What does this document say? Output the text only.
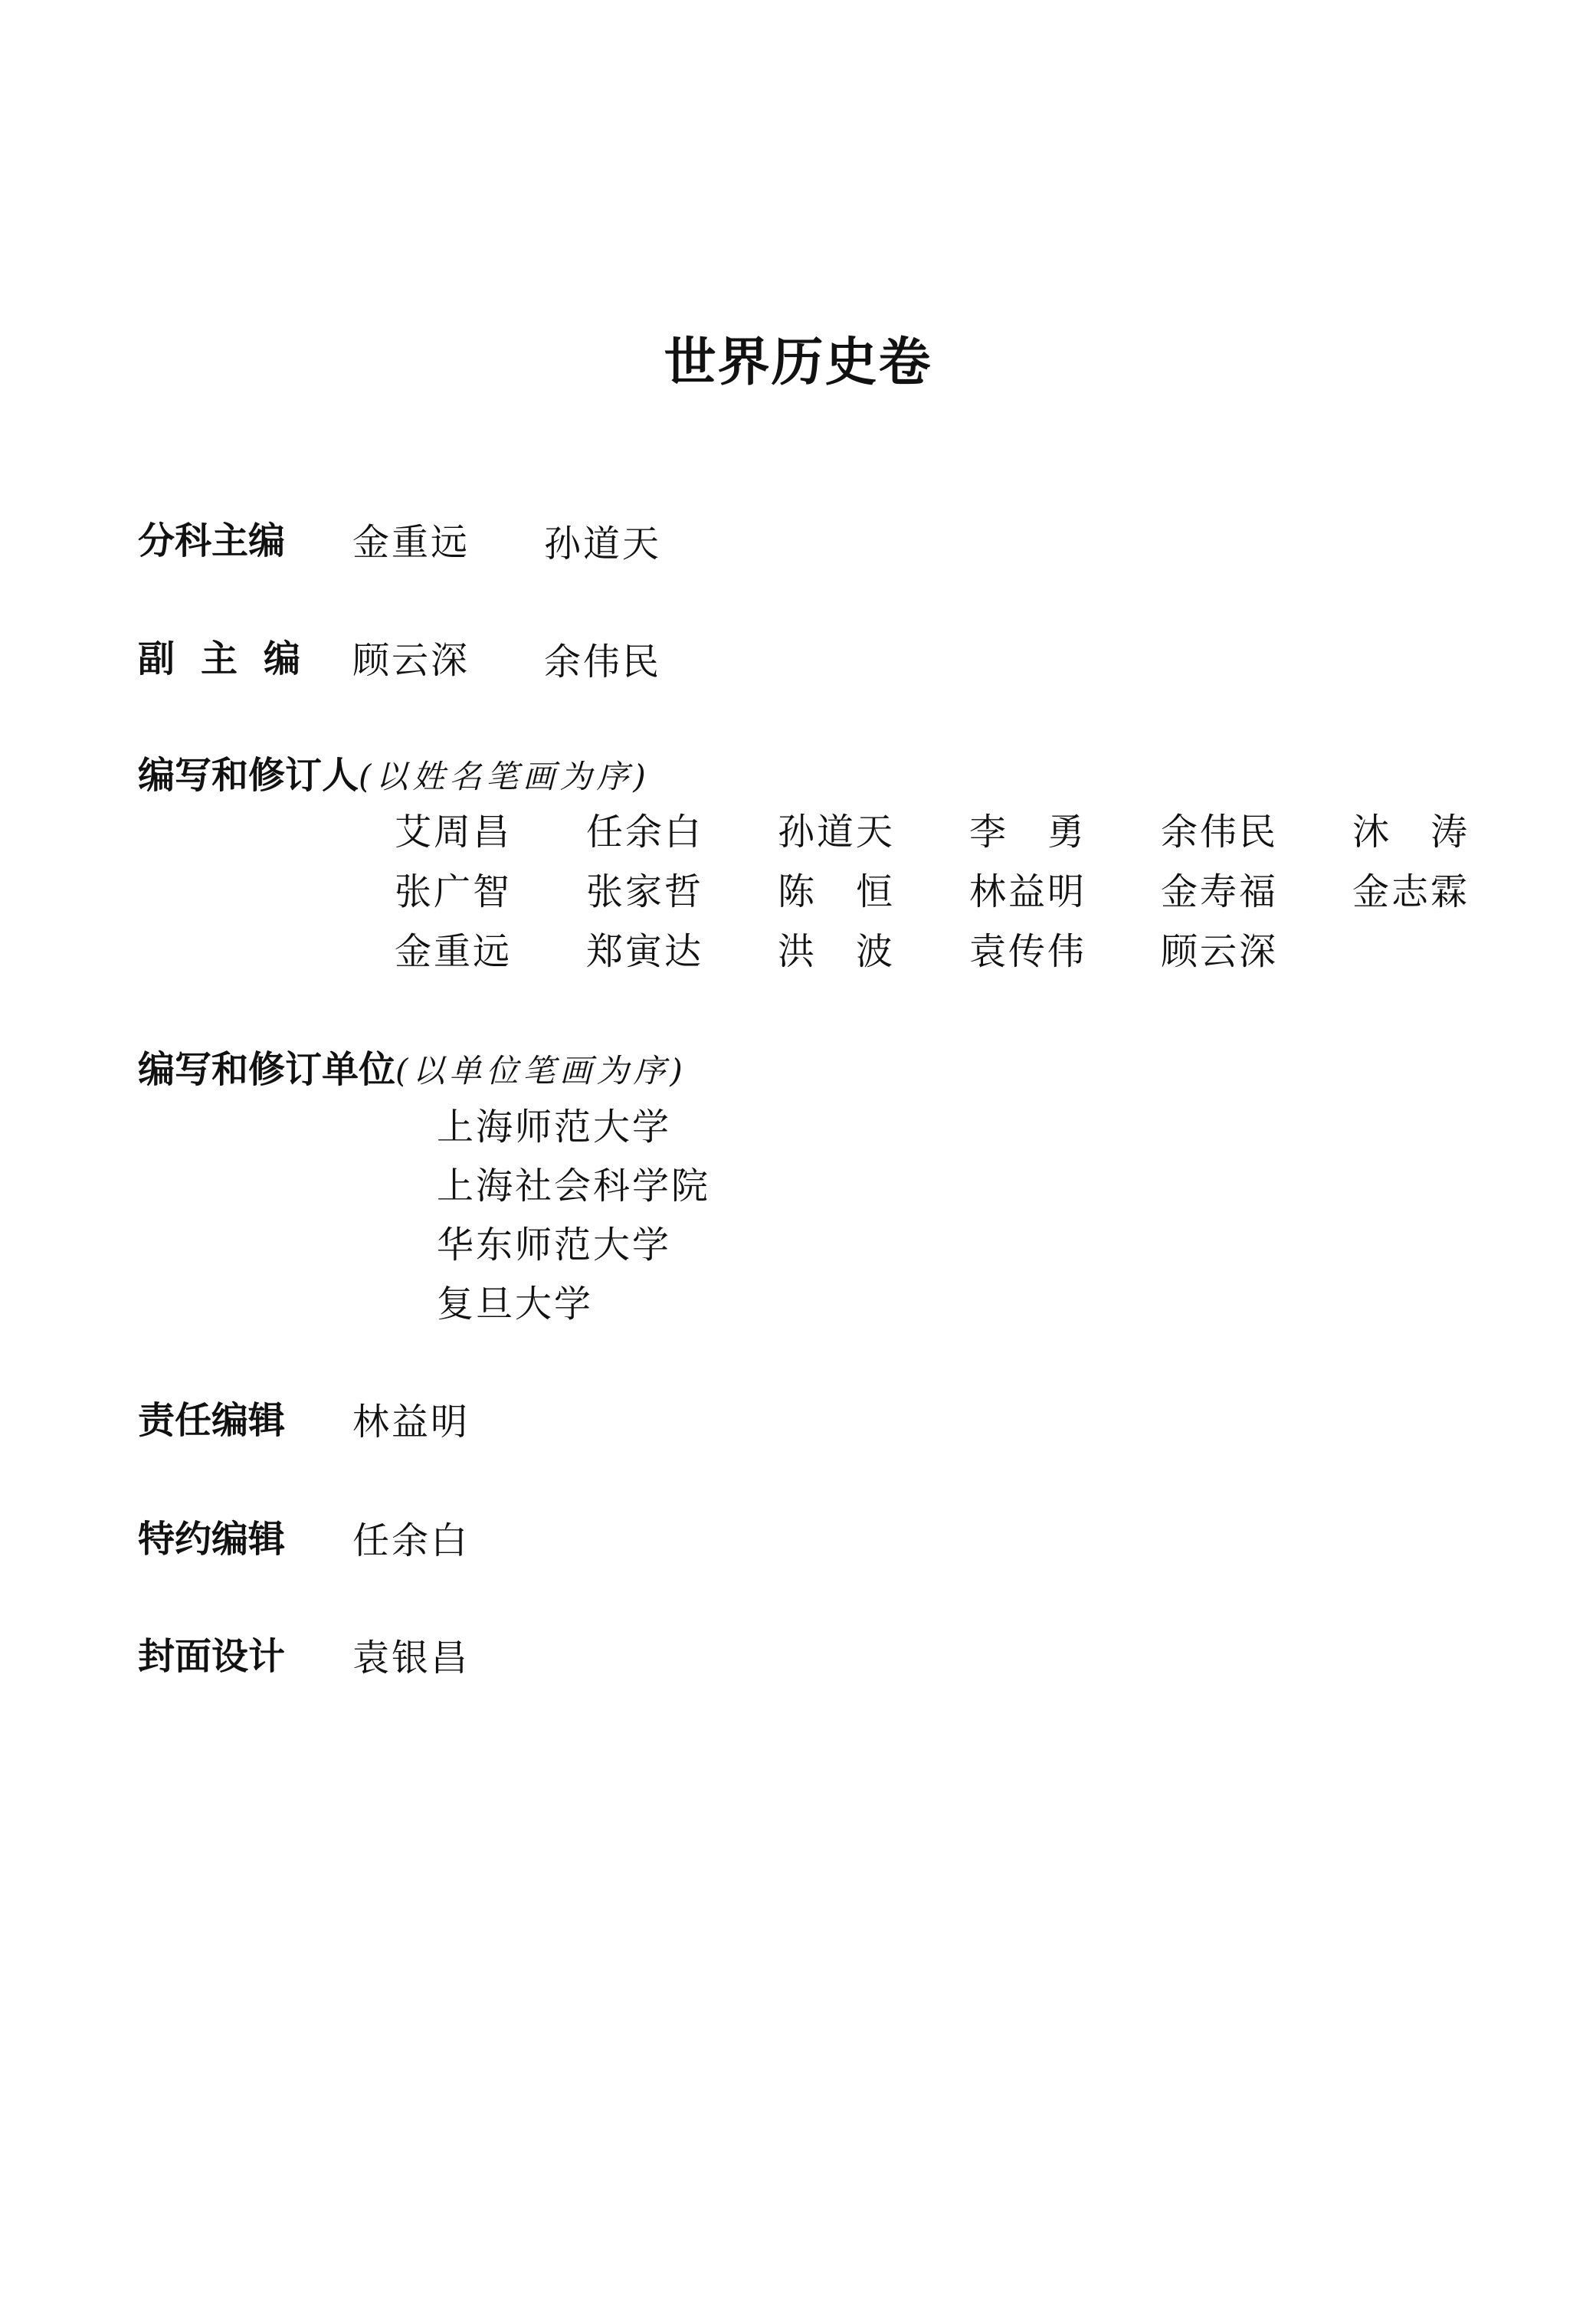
世界历史卷
分科主编 金重远 孙道天
副主编 顾云深 余伟民
编写和修订人(以姓名笔画为序)
艾周昌 任余白 孙道天 李　勇 余伟民 沐　涛
张广智 张家哲 陈　恒 林益明 金寿福 金志霖
金重远 郑寅达 洪　波 袁传伟 顾云深
编写和修订单位(以单位笔画为序)
上海师范大学
上海社会科学院
华东师范大学
复旦大学
责任编辑 林益明
特约编辑 任余白
封面设计 袁银昌
